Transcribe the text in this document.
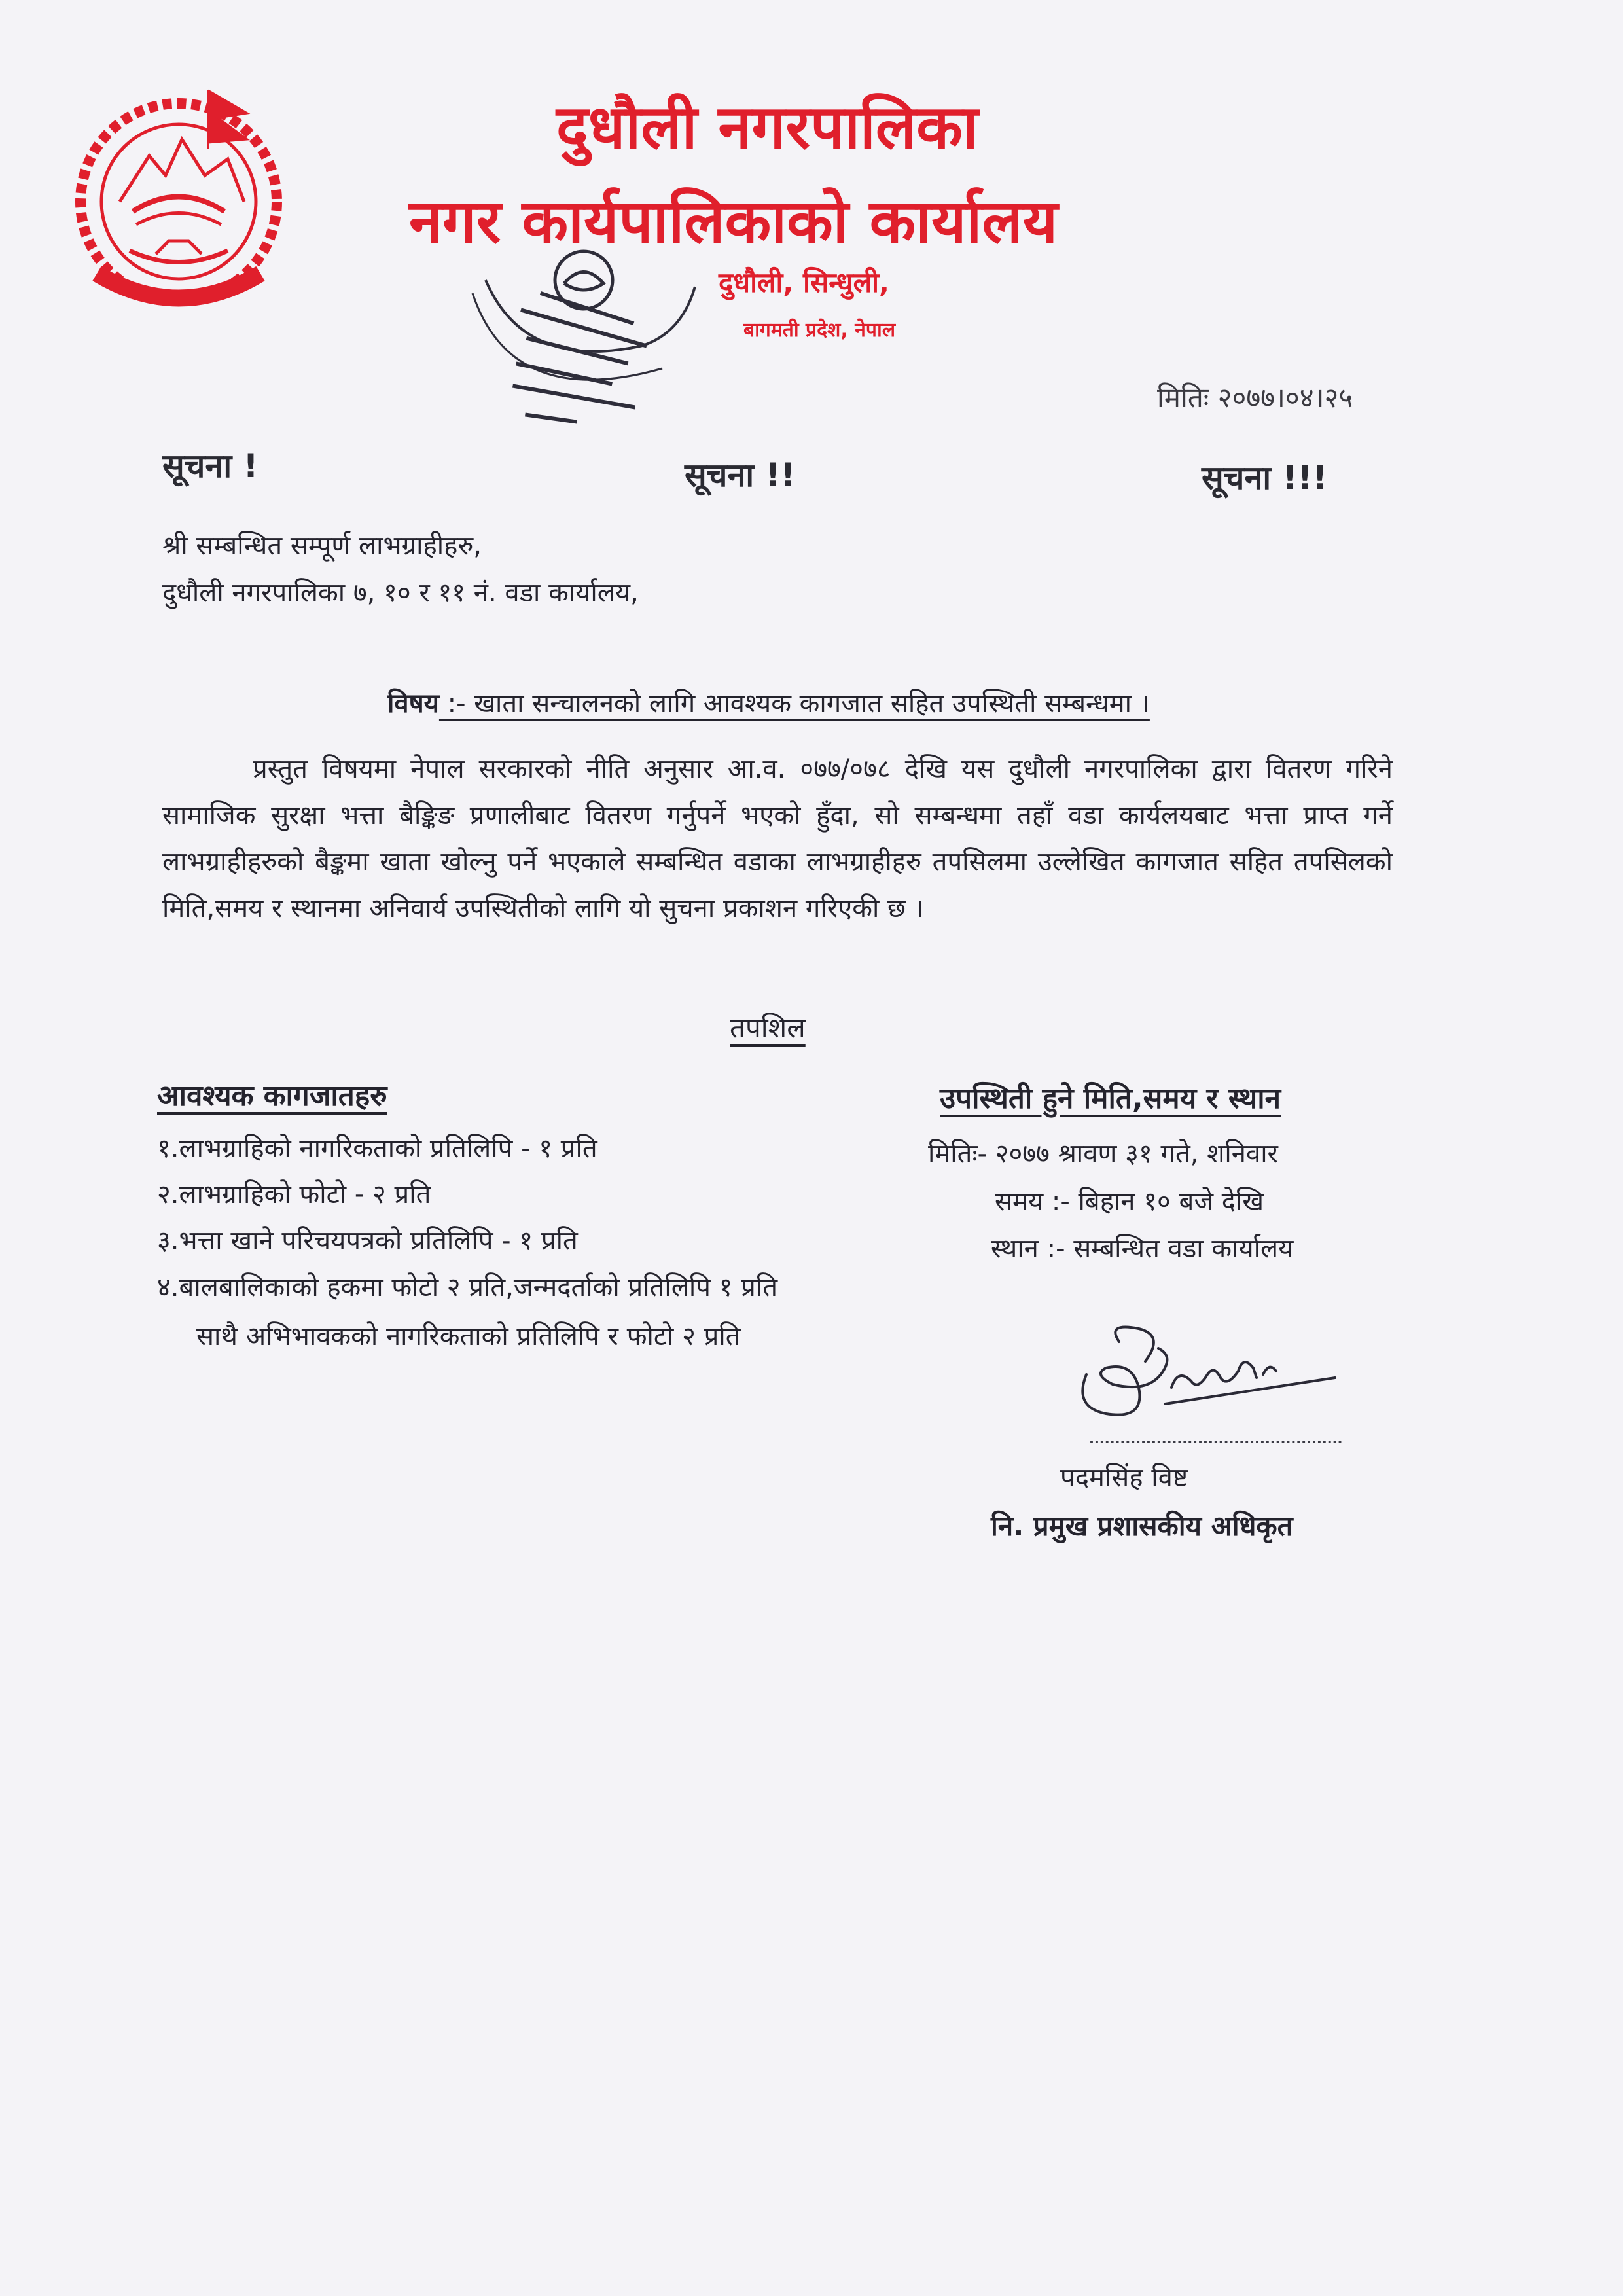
दुधौली नगरपालिका
नगर कार्यपालिकाको कार्यालय
दुधौली, सिन्धुली,
बागमती प्रदेश, नेपाल
मितिः २०७७।०४।२५
सूचना !	सूचना !!	सूचना !!!
श्री सम्बन्धित सम्पूर्ण लाभग्राहीहरु,
दुधौली नगरपालिका ७, १० र ११ नं. वडा कार्यालय,
विषय :- खाता सन्चालनको लागि आवश्यक कागजात सहित उपस्थिती सम्बन्धमा ।
प्रस्तुत विषयमा नेपाल सरकारको नीति अनुसार आ.व. ०७७/०७८ देखि यस दुधौली नगरपालिका द्वारा वितरण गरिने सामाजिक सुरक्षा भत्ता बैङ्किङ प्रणालीबाट वितरण गर्नुपर्ने भएको हुँदा, सो सम्बन्धमा तहाँ वडा कार्यलयबाट भत्ता प्राप्त गर्ने लाभग्राहीहरुको बैङ्कमा खाता खोल्नु पर्ने भएकाले सम्बन्धित वडाका लाभग्राहीहरु तपसिलमा उल्लेखित कागजात सहित तपसिलको मिति,समय र स्थानमा अनिवार्य उपस्थितीको लागि यो सुचना प्रकाशन गरिएकी छ ।
तपशिल
आवश्यक कागजातहरु
१.लाभग्राहिको नागरिकताको प्रतिलिपि - १ प्रति
२.लाभग्राहिको फोटो - २ प्रति
३.भत्ता खाने परिचयपत्रको प्रतिलिपि - १ प्रति
४.बालबालिकाको हकमा फोटो २ प्रति,जन्मदर्ताको प्रतिलिपि १ प्रति
साथै अभिभावकको नागरिकताको प्रतिलिपि र फोटो २ प्रति
उपस्थिती हुने मिति,समय र स्थान
मितिः- २०७७ श्रावण ३१ गते, शनिवार
समय :- बिहान १० बजे देखि
स्थान :- सम्बन्धित वडा कार्यालय
पदमसिंह विष्ट
नि. प्रमुख प्रशासकीय अधिकृत
